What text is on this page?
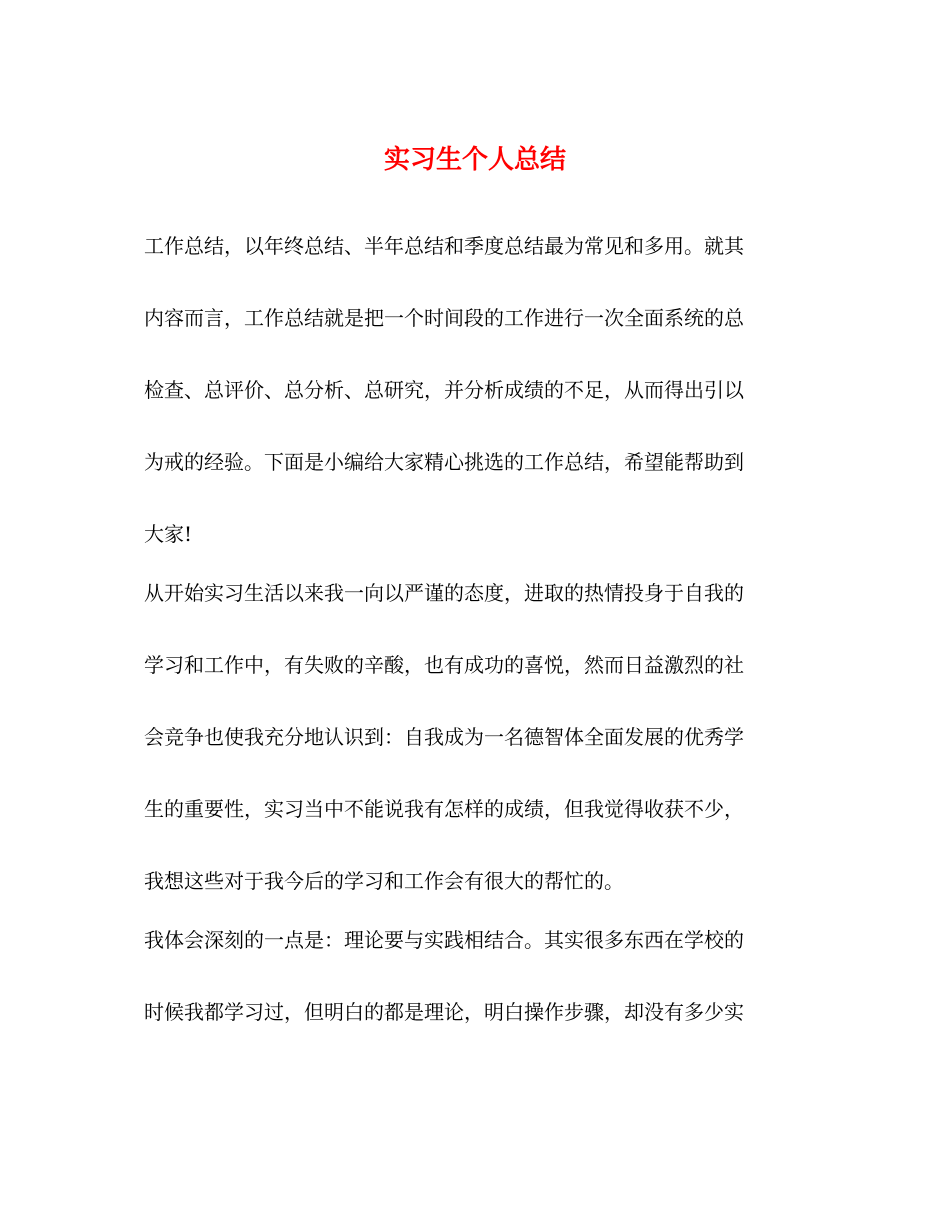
实习生个人总结

工作总结，以年终总结、半年总结和季度总结最为常见和多用。就其

内容而言，工作总结就是把一个时间段的工作进行一次全面系统的总

检查、总评价、总分析、总研究，并分析成绩的不足，从而得出引以

为戒的经验。下面是小编给大家精心挑选的工作总结，希望能帮助到

大家!

从开始实习生活以来我一向以严谨的态度，进取的热情投身于自我的

学习和工作中，有失败的辛酸，也有成功的喜悦，然而日益激烈的社

会竞争也使我充分地认识到：自我成为一名德智体全面发展的优秀学

生的重要性，实习当中不能说我有怎样的成绩，但我觉得收获不少，

我想这些对于我今后的学习和工作会有很大的帮忙的。

我体会深刻的一点是：理论要与实践相结合。其实很多东西在学校的

时候我都学习过，但明白的都是理论，明白操作步骤，却没有多少实
